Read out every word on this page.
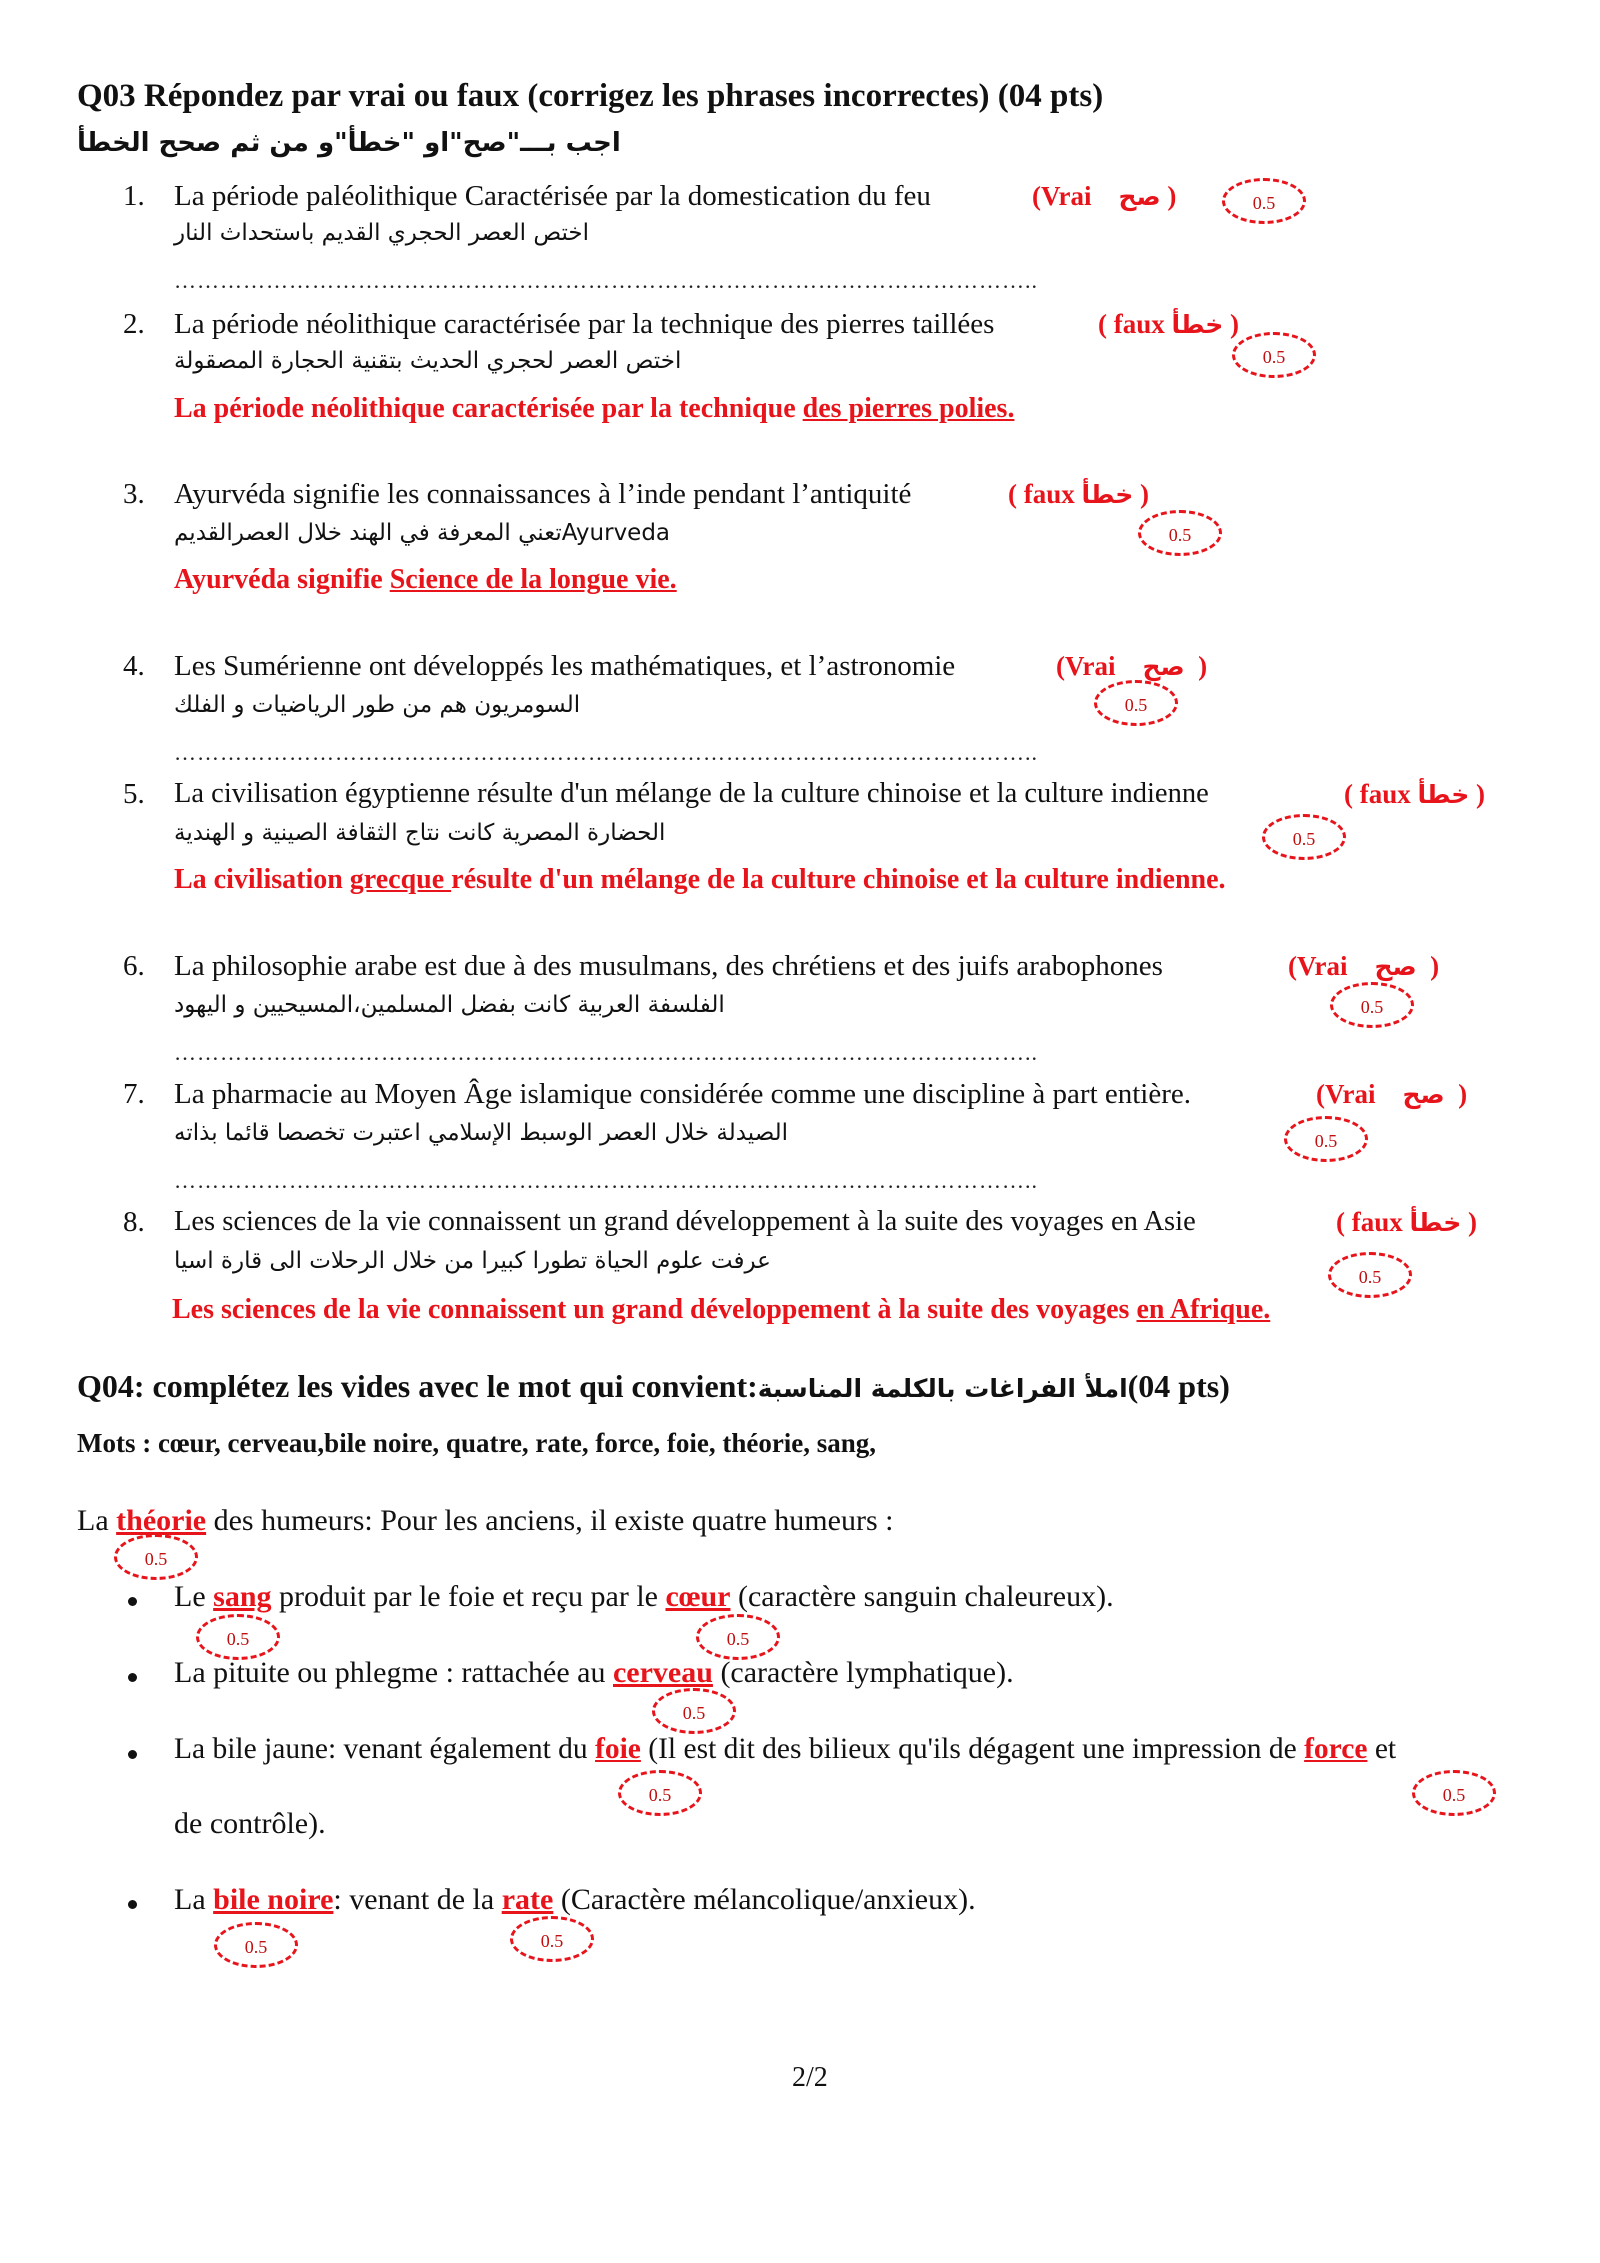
Q03 Répondez par vrai ou faux (corrigez les phrases incorrectes) (04 pts)
اجب بـــ"صح"او "خطأ"و من ثم صحح الخطأ
1. La période paléolithique Caractérisée par la domestication du feu	(Vrai صح )	0.5
اختص العصر الحجري القديم باستحداث النار
…………………………………………………………………………………………………..
2. La période néolithique caractérisée par la technique des pierres taillées	( faux خطأ )
0.5
اختص العصر لحجري الحديث بتقنية الحجارة المصقولة
La période néolithique caractérisée par la technique des pierres polies.
3. Ayurvéda signifie les connaissances à l’inde pendant l’antiquité	( faux خطأ )
0.5
Ayurvedaتعني المعرفة في الهند خلال العصرالقديم
Ayurvéda signifie Science de la longue vie.
4. Les Sumérienne ont développés les mathématiques, et l’astronomie	(Vrai صح )
0.5
السومريون هم من طور الرياضيات و الفلك
…………………………………………………………………………………………………..
5. La civilisation égyptienne résulte d'un mélange de la culture chinoise et la culture indienne	( faux خطأ )
0.5
الحضارة المصرية كانت نتاج الثقافة الصينية و الهندية
La civilisation grecque résulte d'un mélange de la culture chinoise et la culture indienne.
6. La philosophie arabe est due à des musulmans, des chrétiens et des juifs arabophones	(Vrai صح )
0.5
الفلسفة العربية كانت بفضل المسلمين،المسيحيين و اليهود
…………………………………………………………………………………………………..
7. La pharmacie au Moyen Âge islamique considérée comme une discipline à part entière.	(Vrai صح )
0.5
الصيدلة خلال العصر الوسبط الإسلامي اعتبرت تخصصا قائما بذاته
…………………………………………………………………………………………………..
8. Les sciences de la vie connaissent un grand développement à la suite des voyages en Asie	( faux خطأ )
0.5
عرفت علوم الحياة تطورا كبيرا من خلال الرحلات الى قارة اسيا
Les sciences de la vie connaissent un grand développement à la suite des voyages en Afrique.
Q04: complétez les vides avec le mot qui convient:املأ الفراغات بالكلمة المناسبة(04 pts)
Mots : cœur, cerveau,bile noire, quatre, rate, force, foie, théorie, sang,
La théorie des humeurs: Pour les anciens, il existe quatre humeurs :
0.5
Le sang produit par le foie et reçu par le cœur (caractère sanguin chaleureux).
0.5	0.5
La pituite ou phlegme : rattachée au cerveau (caractère lymphatique).
0.5
La bile jaune: venant également du foie (Il est dit des bilieux qu'ils dégagent une impression de force et
0.5	0.5
de contrôle).
La bile noire: venant de la rate (Caractère mélancolique/anxieux).
0.5	0.5
2/2
